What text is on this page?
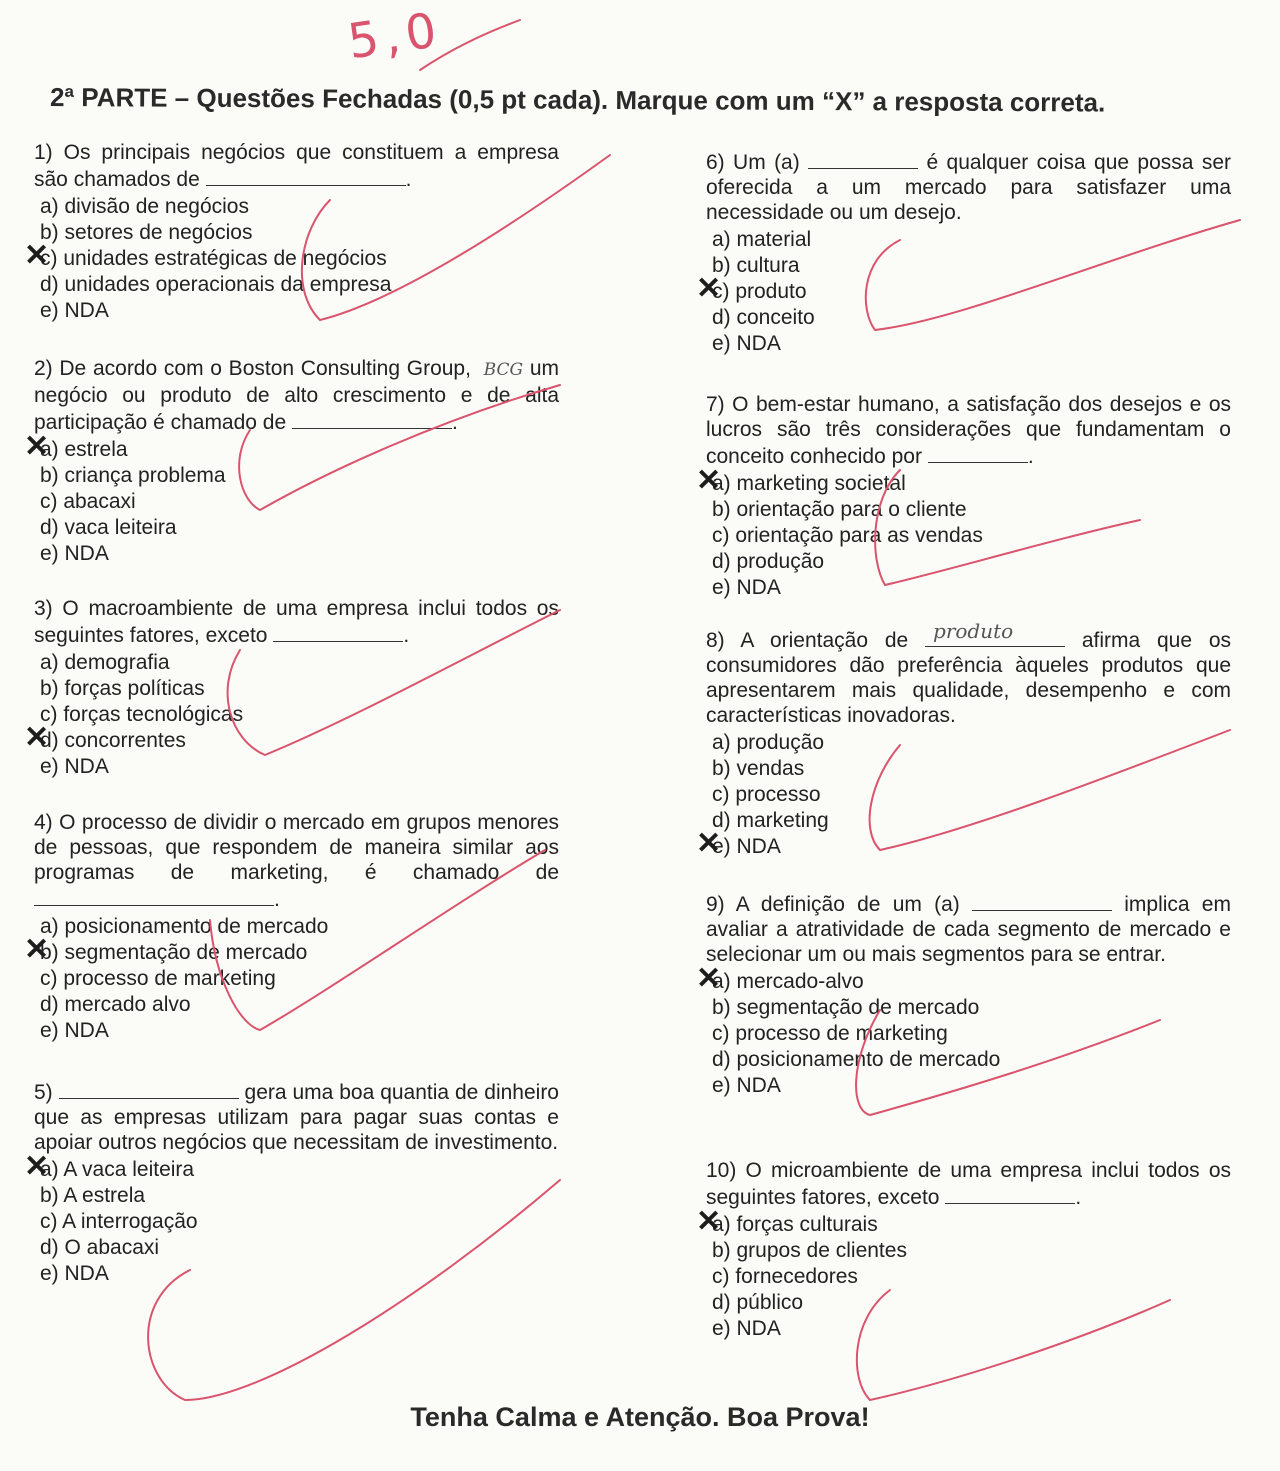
5,0
2ª PARTE – Questões Fechadas (0,5 pt cada). Marque com um “X” a resposta correta.

1) Os principais negócios que constituem a empresa são chamados de	.

a) divisão de negócios
b) setores de negócios
✕ c) unidades estratégicas de negócios
d) unidades operacionais da empresa
e) NDA

2) De acordo com o Boston Consulting Group, BCG um negócio ou produto de alto crescimento e de alta participação é chamado de	.

✕ a) estrela
b) criança problema
c) abacaxi
d) vaca leiteira
e) NDA

3) O macroambiente de uma empresa inclui todos os seguintes fatores, exceto	.

a) demografia
b) forças políticas
c) forças tecnológicas
✕ d) concorrentes
e) NDA

4) O processo de dividir o mercado em grupos menores de pessoas, que respondem de maneira similar aos programas de marketing, é chamado de .

a) posicionamento de mercado
✕ b) segmentação de mercado
c) processo de marketing
d) mercado alvo
e) NDA

5)	gera uma boa quantia de dinheiro que as empresas utilizam para pagar suas contas e apoiar outros negócios que necessitam de investimento.

✕ a) A vaca leiteira
b) A estrela
c) A interrogação
d) O abacaxi
e) NDA

6) Um (a)	é qualquer coisa que possa ser oferecida a um mercado para satisfazer uma necessidade ou um desejo.

a) material
b) cultura
✕ c) produto
d) conceito
e) NDA

7) O bem-estar humano, a satisfação dos desejos e os lucros são três considerações que fundamentam o conceito conhecido por	.

✕ a) marketing societal
b) orientação para o cliente
c) orientação para as vendas
d) produção
e) NDA

8) A orientação de produto	afirma que os consumidores dão preferência àqueles produtos que apresentarem mais qualidade, desempenho e com características inovadoras.

a) produção
b) vendas
c) processo
d) marketing
✕ e) NDA

9) A definição de um (a)	implica em avaliar a atratividade de cada segmento de mercado e selecionar um ou mais segmentos para se entrar.

✕ a) mercado-alvo
b) segmentação de mercado
c) processo de marketing
d) posicionamento de mercado
e) NDA

10) O microambiente de uma empresa inclui todos os seguintes fatores, exceto	.

✕ a) forças culturais
b) grupos de clientes
c) fornecedores
d) público
e) NDA
Tenha Calma e Atenção. Boa Prova!
